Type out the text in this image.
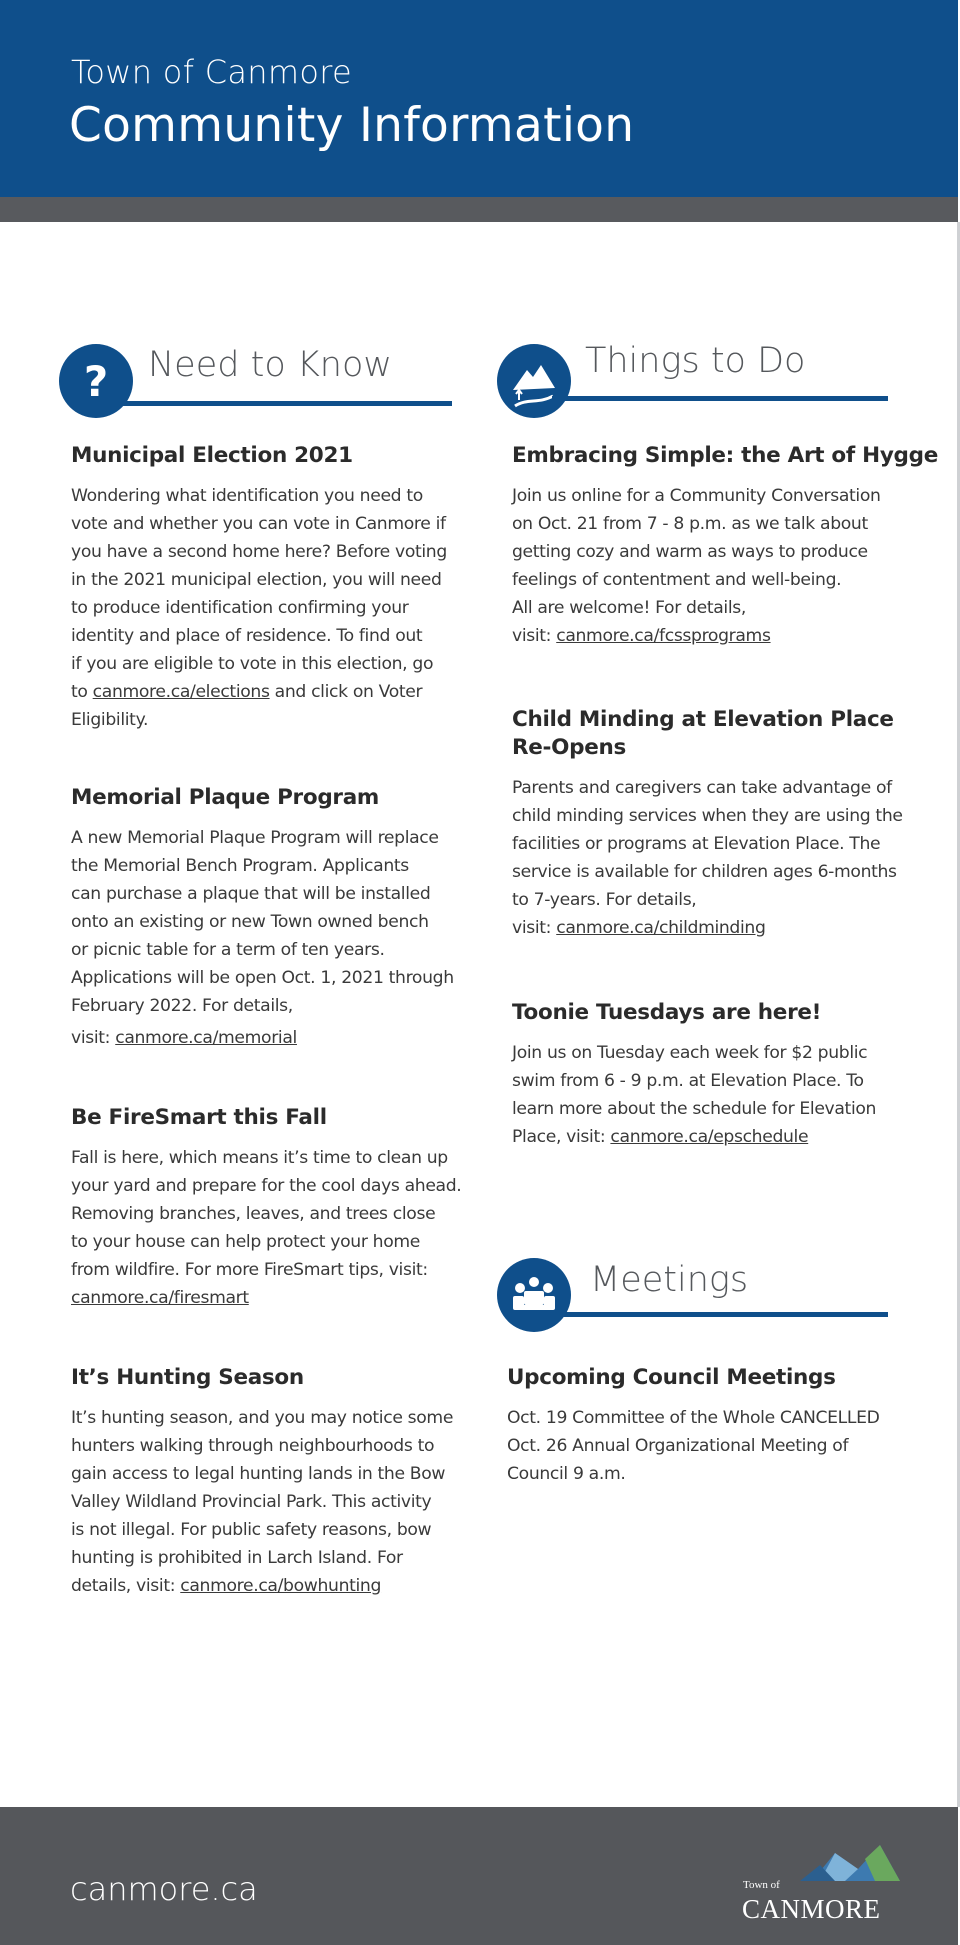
Town of Canmore
Community Information
? Need to Know	Things to Do
Meetings
Municipal Election 2021

Wondering what identification you need to
vote and whether you can vote in Canmore if
you have a second home here? Before voting
in the 2021 municipal election, you will need
to produce identification confirming your
identity and place of residence. To find out
if you are eligible to vote in this election, go
to canmore.ca/elections and click on Voter
Eligibility.

Memorial Plaque Program

A new Memorial Plaque Program will replace
the Memorial Bench Program. Applicants
can purchase a plaque that will be installed
onto an existing or new Town owned bench
or picnic table for a term of ten years.
Applications will be open Oct. 1, 2021 through
February 2022. For details,
visit: canmore.ca/memorial

Be FireSmart this Fall

Fall is here, which means it’s time to clean up
your yard and prepare for the cool days ahead.
Removing branches, leaves, and trees close
to your house can help protect your home
from wildfire. For more FireSmart tips, visit:
canmore.ca/firesmart

It’s Hunting Season

It’s hunting season, and you may notice some
hunters walking through neighbourhoods to
gain access to legal hunting lands in the Bow
Valley Wildland Provincial Park. This activity
is not illegal. For public safety reasons, bow
hunting is prohibited in Larch Island. For
details, visit: canmore.ca/bowhunting

Embracing Simple: the Art of Hygge

Join us online for a Community Conversation
on Oct. 21 from 7 - 8 p.m. as we talk about
getting cozy and warm as ways to produce
feelings of contentment and well-being.
All are welcome! For details,
visit: canmore.ca/fcssprograms

Child Minding at Elevation Place
Re-Opens

Parents and caregivers can take advantage of
child minding services when they are using the
facilities or programs at Elevation Place. The
service is available for children ages 6-months
to 7-years. For details,
visit: canmore.ca/childminding

Toonie Tuesdays are here!

Join us on Tuesday each week for $2 public
swim from 6 - 9 p.m. at Elevation Place. To
learn more about the schedule for Elevation
Place, visit: canmore.ca/epschedule

Upcoming Council Meetings

Oct. 19 Committee of the Whole CANCELLED
Oct. 26 Annual Organizational Meeting of
Council 9 a.m.

canmore.ca	Town of
CANMORE
